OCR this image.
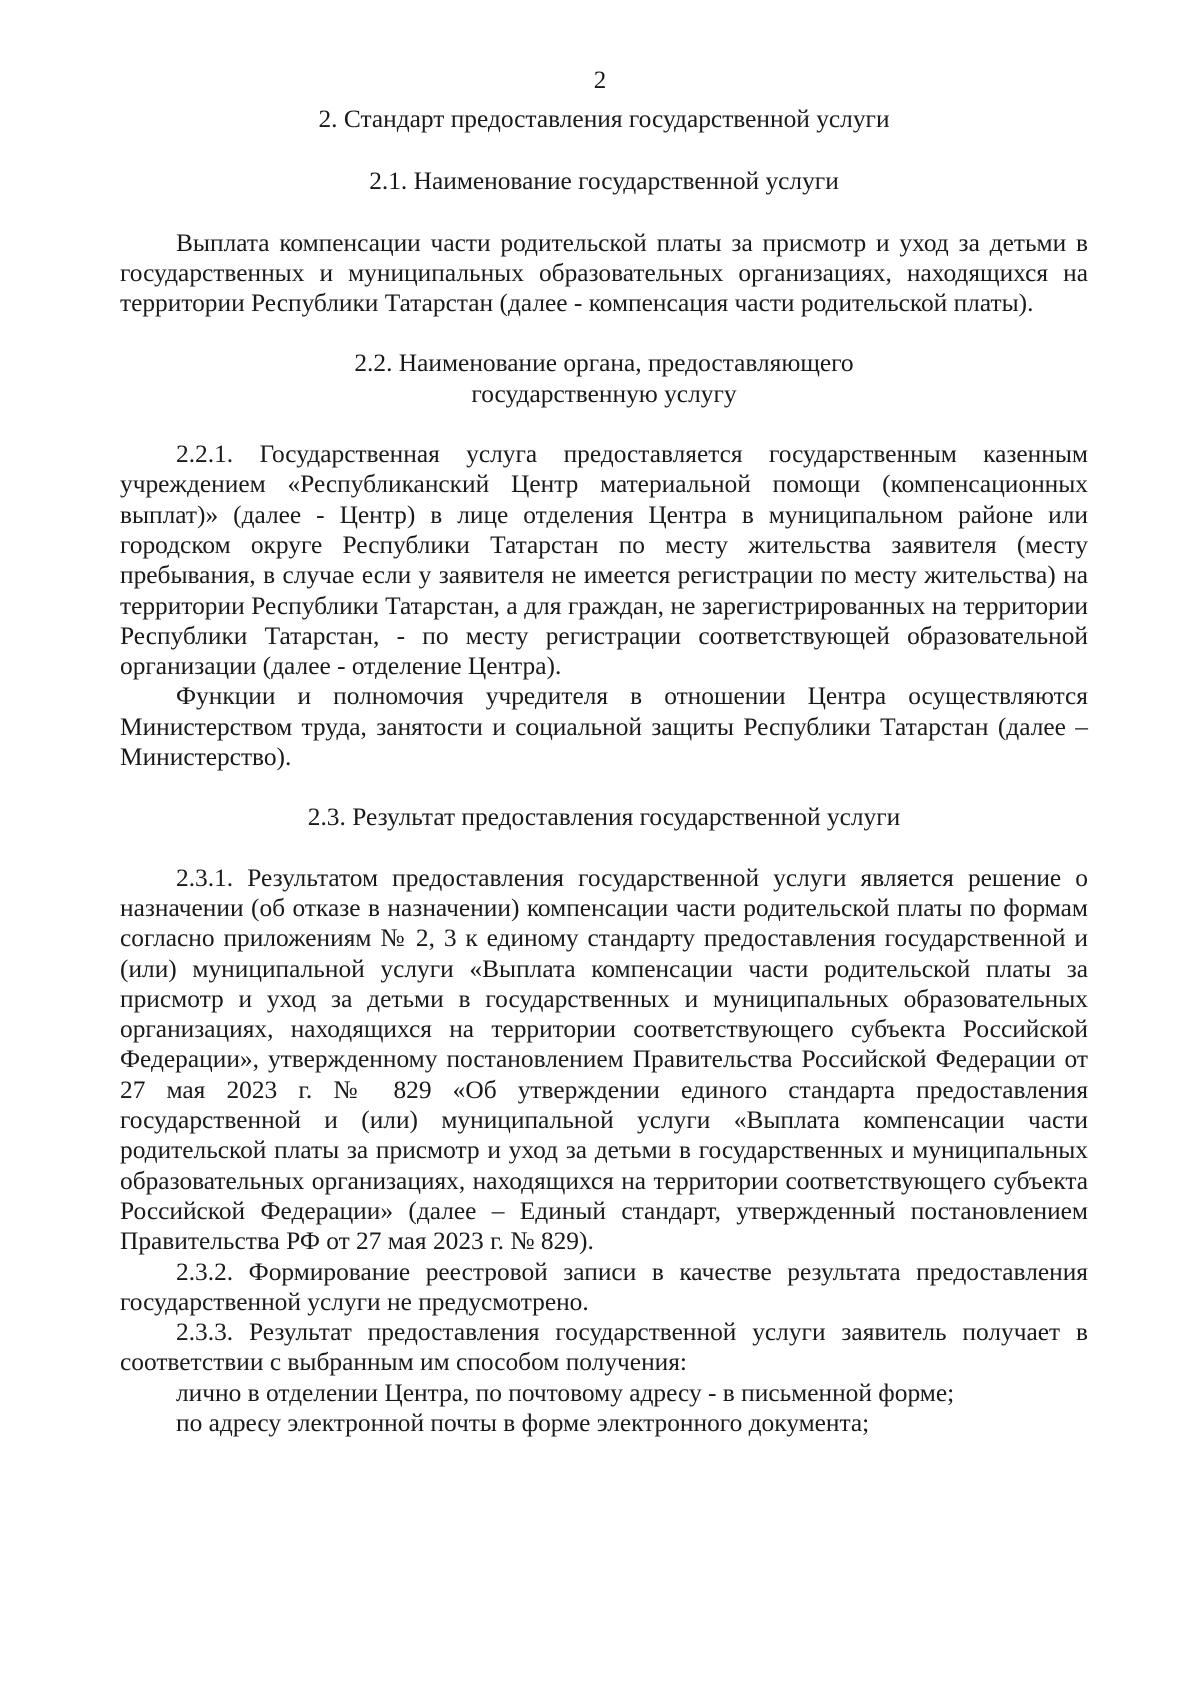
2

2. Стандарт предоставления государственной услуги

2.1. Наименование государственной услуги

Выплата компенсации части родительской платы за присмотр и уход за детьми в государственных и муниципальных образовательных организациях, находящихся на территории Республики Татарстан (далее - компенсация части родительской платы).

2.2. Наименование органа, предоставляющего

государственную услугу

2.2.1. Государственная услуга предоставляется государственным казенным учреждением «Республиканский Центр материальной помощи (компенсационных выплат)» (далее - Центр) в лице отделения Центра в муниципальном районе или городском округе Республики Татарстан по месту жительства заявителя (месту пребывания, в случае если у заявителя не имеется регистрации по месту жительства) на территории Республики Татарстан, а для граждан, не зарегистрированных на территории Республики Татарстан, - по месту регистрации соответствующей образовательной организации (далее - отделение Центра).

Функции и полномочия учредителя в отношении Центра осуществляются Министерством труда, занятости и социальной защиты Республики Татарстан (далее – Министерство).

2.3. Результат предоставления государственной услуги

2.3.1. Результатом предоставления государственной услуги является решение о назначении (об отказе в назначении) компенсации части родительской платы по формам согласно приложениям № 2, 3 к единому стандарту предоставления государственной и (или) муниципальной услуги «Выплата компенсации части родительской платы за присмотр и уход за детьми в государственных и муниципальных образовательных организациях, находящихся на территории соответствующего субъекта Российской Федерации», утвержденному постановлением Правительства Российской Федерации от 27 мая 2023 г. № 829 «Об утверждении единого стандарта предоставления государственной и (или) муниципальной услуги «Выплата компенсации части родительской платы за присмотр и уход за детьми в государственных и муниципальных образовательных организациях, находящихся на территории соответствующего субъекта Российской Федерации» (далее – Единый стандарт, утвержденный постановлением Правительства РФ от 27 мая 2023 г. № 829).

2.3.2. Формирование реестровой записи в качестве результата предоставления государственной услуги не предусмотрено.

2.3.3. Результат предоставления государственной услуги заявитель получает в соответствии с выбранным им способом получения:

лично в отделении Центра, по почтовому адресу - в письменной форме;

по адресу электронной почты в форме электронного документа;
